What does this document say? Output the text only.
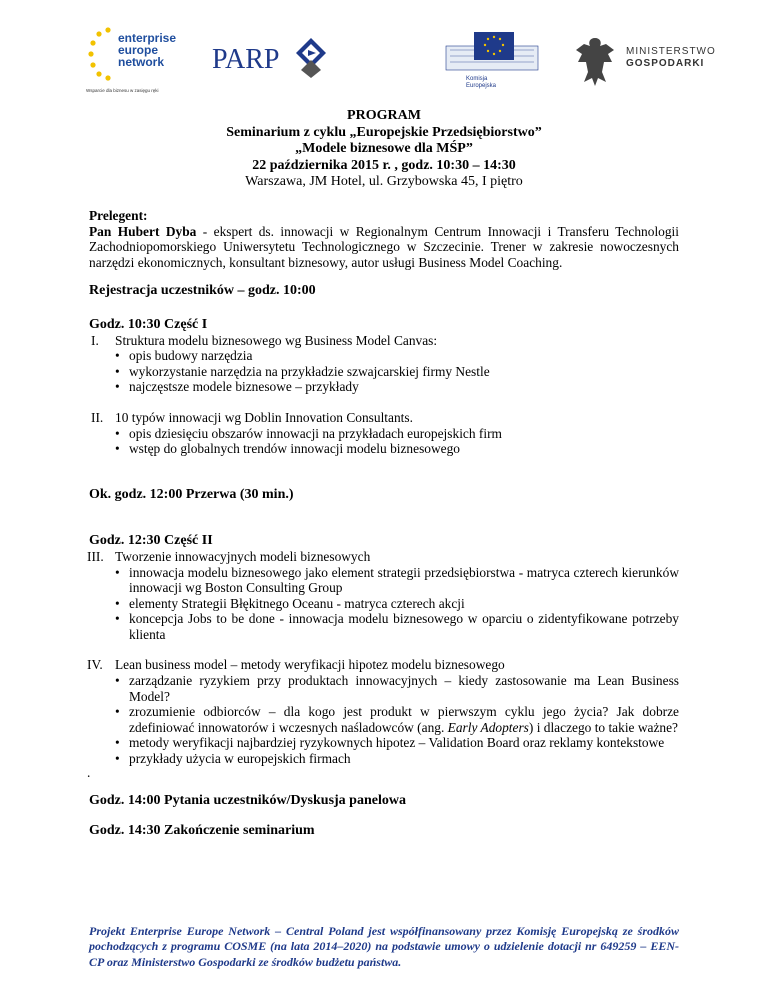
enterprise
europe
network
Wsparcie dla biznesu w zasięgu ręki
PARP
Komisja
Europejska
MINISTERSTWO
GOSPODARKI
PROGRAM
Seminarium z cyklu „Europejskie Przedsiębiorstwo”
„Modele biznesowe dla MŚP”
22 października 2015 r. , godz. 10:30 – 14:30
Warszawa, JM Hotel, ul. Grzybowska 45, I piętro

Prelegent:

Pan Hubert Dyba - ekspert ds. innowacji w Regionalnym Centrum Innowacji i Transferu Technologii Zachodniopomorskiego Uniwersytetu Technologicznego w Szczecinie. Trener w zakresie nowoczesnych narzędzi ekonomicznych, konsultant biznesowy, autor usługi Business Model Coaching.

Rejestracja uczestników – godz. 10:00

Godz. 10:30 Część I

I. Struktura modelu biznesowego wg Business Model Canvas:
• opis budowy narzędzia
• wykorzystanie narzędzia na przykładzie szwajcarskiej firmy Nestle
• najczęstsze modele biznesowe – przykłady
II. 10 typów innowacji wg Doblin Innovation Consultants.
• opis dziesięciu obszarów innowacji na przykładach europejskich firm
• wstęp do globalnych trendów innowacji modelu biznesowego

Ok. godz. 12:00 Przerwa (30 min.)

Godz. 12:30 Część II

III. Tworzenie innowacyjnych modeli biznesowych
• innowacja modelu biznesowego jako element strategii przedsiębiorstwa - matryca czterech kierunków innowacji wg Boston Consulting Group
• elementy Strategii Błękitnego Oceanu - matryca czterech akcji
• koncepcja Jobs to be done - innowacja modelu biznesowego w oparciu o zidentyfikowane potrzeby klienta
IV. Lean business model – metody weryfikacji hipotez modelu biznesowego
• zarządzanie ryzykiem przy produktach innowacyjnych – kiedy zastosowanie ma Lean Business Model?
• zrozumienie odbiorców – dla kogo jest produkt w pierwszym cyklu jego życia? Jak dobrze zdefiniować innowatorów i wczesnych naśladowców (ang. Early Adopters) i dlaczego to takie ważne?
• metody weryfikacji najbardziej ryzykownych hipotez – Validation Board oraz reklamy kontekstowe
• przykłady użycia w europejskich firmach

.

Godz. 14:00 Pytania uczestników/Dyskusja panelowa

Godz. 14:30 Zakończenie seminarium

Projekt Enterprise Europe Network – Central Poland jest współfinansowany przez Komisję Europejską ze środków pochodzących z programu COSME (na lata 2014–2020) na podstawie umowy o udzielenie dotacji nr 649259 – EEN-CP oraz Ministerstwo Gospodarki ze środków budżetu państwa.
